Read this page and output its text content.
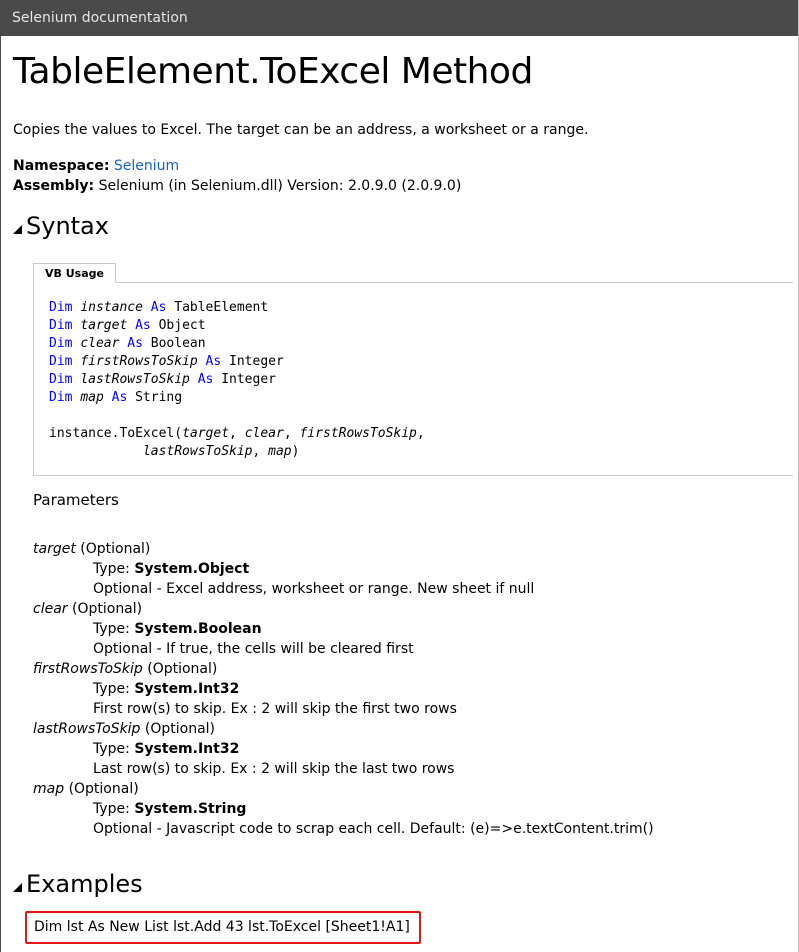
Selenium documentation
TableElement.ToExcel Method
Copies the values to Excel. The target can be an address, a worksheet or a range.
Namespace: Selenium
Assembly: Selenium (in Selenium.dll) Version: 2.0.9.0 (2.0.9.0)
Syntax
VB Usage
Dim instance As TableElement
Dim target As Object
Dim clear As Boolean
Dim firstRowsToSkip As Integer
Dim lastRowsToSkip As Integer
Dim map As String

instance.ToExcel(target, clear, firstRowsToSkip,
lastRowsToSkip, map)
Parameters
target (Optional)
Type: System.Object
Optional - Excel address, worksheet or range. New sheet if null
clear (Optional)
Type: System.Boolean
Optional - If true, the cells will be cleared first
firstRowsToSkip (Optional)
Type: System.Int32
First row(s) to skip. Ex : 2 will skip the first two rows
lastRowsToSkip (Optional)
Type: System.Int32
Last row(s) to skip. Ex : 2 will skip the last two rows
map (Optional)
Type: System.String
Optional - Javascript code to scrap each cell. Default: (e)=>e.textContent.trim()
Examples
Dim lst As New List lst.Add 43 lst.ToExcel [Sheet1!A1]
